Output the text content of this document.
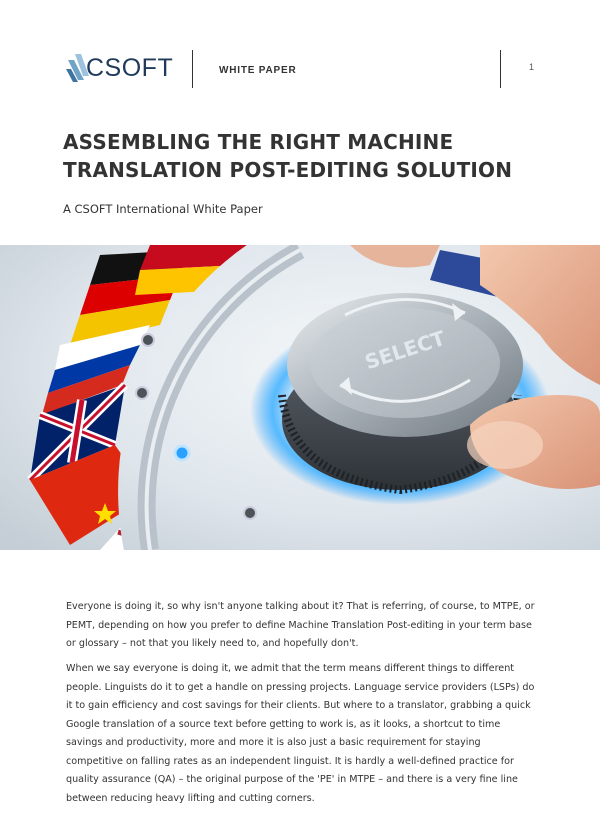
CSOFT	WHITE PAPER	1
ASSEMBLING THE RIGHT MACHINE
TRANSLATION POST-EDITING SOLUTION
A CSOFT International White Paper
SELECT

Everyone is doing it, so why isn't anyone talking about it? That is referring, of course, to MTPE, or PEMT, depending on how you prefer to define Machine Translation Post-editing in your term base or glossary – not that you likely need to, and hopefully don't.

When we say everyone is doing it, we admit that the term means different things to different people. Linguists do it to get a handle on pressing projects. Language service providers (LSPs) do it to gain efficiency and cost savings for their clients. But where to a translator, grabbing a quick Google translation of a source text before getting to work is, as it looks, a shortcut to time savings and productivity, more and more it is also just a basic requirement for staying competitive on falling rates as an independent linguist. It is hardly a well-defined practice for quality assurance (QA) – the original purpose of the 'PE' in MTPE – and there is a very fine line between reducing heavy lifting and cutting corners.
